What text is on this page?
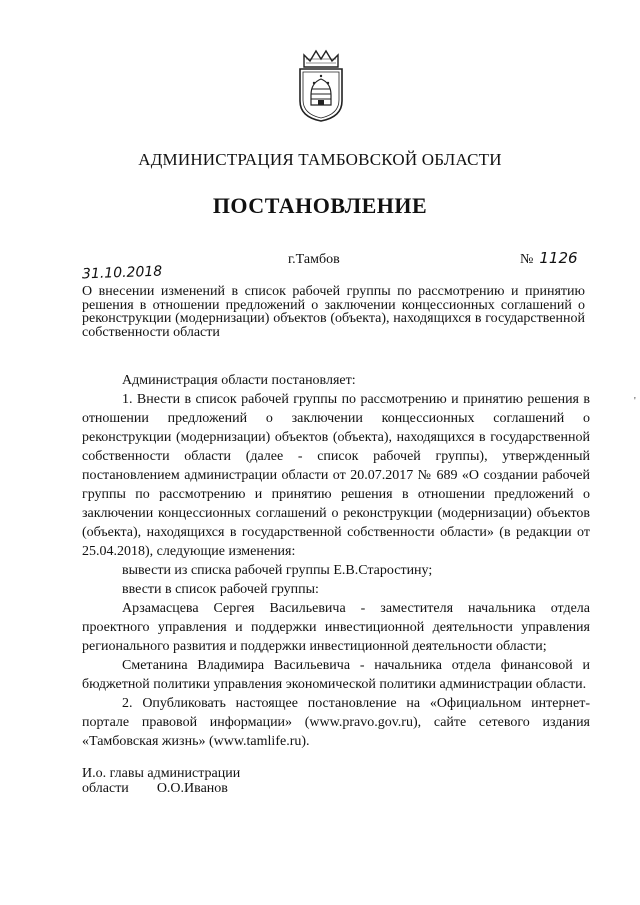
АДМИНИСТРАЦИЯ ТАМБОВСКОЙ ОБЛАСТИ
ПОСТАНОВЛЕНИЕ
31.10.2018
г.Тамбов	№ 1126
О внесении изменений в список рабочей группы по рассмотрению и принятию решения в отношении предложений о заключении концессионных соглашений о реконструкции (модернизации) объектов (объекта), находящихся в государственной собственности области

Администрация области постановляет:

1. Внести в список рабочей группы по рассмотрению и принятию решения в отношении предложений о заключении концессионных соглашений о реконструкции (модернизации) объектов (объекта), находящихся в государственной собственности области (далее - список рабочей группы), утвержденный постановлением администрации области от 20.07.2017 № 689 «О создании рабочей группы по рассмотрению и принятию решения в отношении предложений о заключении концессионных соглашений о реконструкции (модернизации) объектов (объекта), находящихся в государственной собственности области» (в редакции от 25.04.2018), следующие изменения:

вывести из списка рабочей группы Е.В.Старостину;

ввести в список рабочей группы:

Арзамасцева Сергея Васильевича - заместителя начальника отдела проектного управления и поддержки инвестиционной деятельности управления регионального развития и поддержки инвестиционной деятельности области;

Сметанина Владимира Васильевича - начальника отдела финансовой и бюджетной политики управления экономической политики администрации области.

2. Опубликовать настоящее постановление на «Официальном интернет-портале правовой информации» (www.pravo.gov.ru), сайте сетевого издания «Тамбовская жизнь» (www.tamlife.ru).

И.о. главы администрации
области О.О.Иванов
'
